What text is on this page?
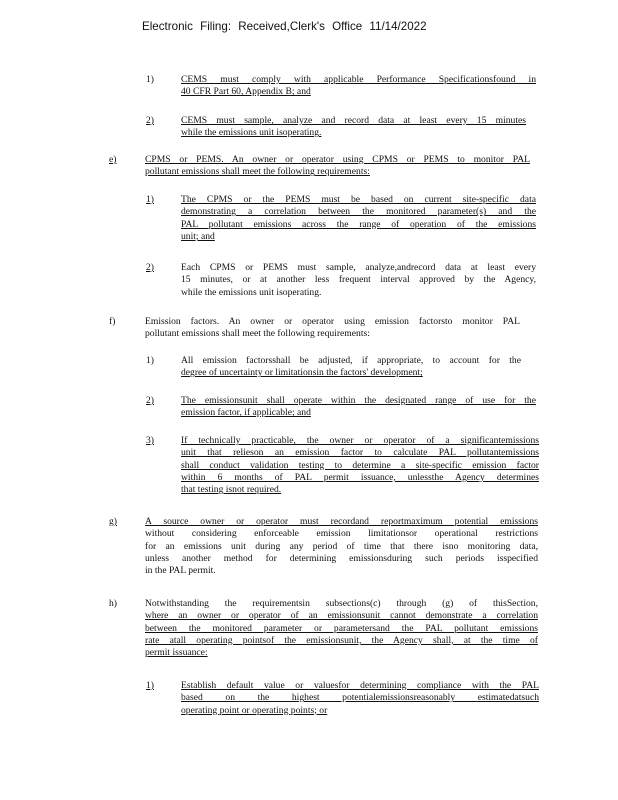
Electronic Filing: Received,Clerk's Office 11/14/2022
1)	CEMS must comply with applicable Performance Specificationsfound in
40 CFR Part 60, Appendix B; and
2)	CEMS must sample, analyze and record data at least every 15 minutes
while the emissions unit isoperating.
e)	CPMS or PEMS. An owner or operator using CPMS or PEMS to monitor PAL
pollutant emissions shall meet the following requirements:
1)	The CPMS or the PEMS must be based on current site-specific data
demonstrating a correlation between the monitored parameter(s) and the
PAL pollutant emissions across the range of operation of the emissions
unit; and
2)	Each CPMS or PEMS must sample, analyze,andrecord data at least every
15 minutes, or at another less frequent interval approved by the Agency,
while the emissions unit isoperating.
f)	Emission factors. An owner or operator using emission factorsto monitor PAL
pollutant emissions shall meet the following requirements:
1)	All emission factorsshall be adjusted, if appropriate, to account for the
degree of uncertainty or limitationsin the factors' development;
2)	The emissionsunit shall operate within the designated range of use for the
emission factor, if applicable; and
3)	If technically practicable, the owner or operator of a significantemissions
unit that relieson an emission factor to calculate PAL pollutantemissions
shall conduct validation testing to determine a site-specific emission factor
within 6 months of PAL permit issuance, unlessthe Agency determines
that testing isnot required.
g)	A source owner or operator must recordand reportmaximum potential emissions
without considering enforceable emission limitationsor operational restrictions
for an emissions unit during any period of time that there isno monitoring data,
unless another method for determining emissionsduring such periods isspecified
in the PAL permit.
h)	Notwithstanding the requirementsin subsections(c) through (g) of thisSection,
where an owner or operator of an emissionsunit cannot demonstrate a correlation
between the monitored parameter or parametersand the PAL pollutant emissions
rate atall operating pointsof the emissionsunit, the Agency shall, at the time of
permit issuance:
1)	Establish default value or valuesfor determining compliance with the PAL
based on the highest potentialemissionsreasonably estimatedatsuch
operating point or operating points; or
